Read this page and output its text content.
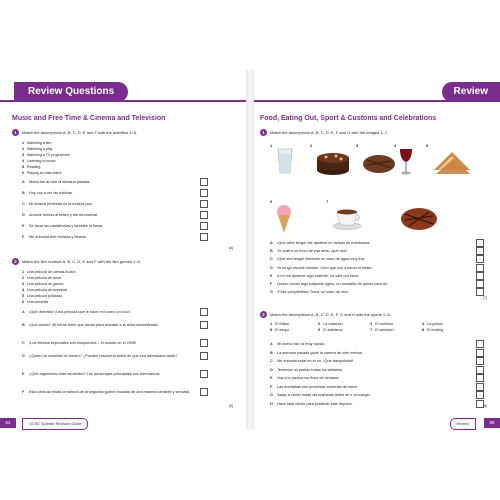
Review Questions
Music and Free Time & Cinema and Television
1	Match the descriptions A, B, C, D, E and F with the activities 1–6.
1 Watching a film
2 Watching a play
3 Watching a TV programme
4 Listening to music
5 Reading
6 Playing an instrument
A Marta fue al cine la semana pasada.
B Hoy voy a ver las noticias.
C Mi música preferida es la música pop.
D Anoche fuimos al teatro y fue fenomenal.
E Sé tocar las castañuelas y también la flauta.
F Me encanta leer revistas y tebeos.
[6]
2	Match the film reviews A, B, C, D, E and F with the film genres 1–6.
1 Una película de ciencia-ficción
2 Una película de amor
3 Una película de guerra
4 Una película de aventura
5 Una película policíaca
6 Una comedia
A ¡Qué divertido! ¡Una película que te hace reír como un loco!
B ¡Qué acción! ¡El héroe tiene que luchar para rescatar a la reina secuestrada!
C ¡Los efectos especiales son estupendos – el mundo en el 2099!
D ¿Quién ha cometido el crimen? ¿Pueden resolverlo antes de que sea demasiado tarde?
E ¿Qué argumento más romántico? Los personajes principales son buenísimos.
F Esta película relata la historia de la segunda guerra mundial de una manera sensible y sensata.
[6]
54	GCSE Spanish Revision Guide
Review
Food, Eating Out, Sport & Customs and Celebrations
1	Match the descriptions A, B, C, D, E, F and G with the images 1–7.
1	2	3	4	5
6	7
A ¡Qué calor tengo! Me apetece un helado de frambuesa.
B Yo quiero un trozo de esa tarta, ¡qué rica!
C ¡Qué sed tengo! Necesito un vaso de agua muy fría.
D Yo tengo mucha hambre. Creo que voy a tomar el bistec.
E A mí me apetece algo caliente, un café por favor.
F Quiero comer algo bastante ligero, un bocadillo de queso para mí.
G ¡Feliz cumpleaños! Toma, un vaso de vino.
[7]
2	Match the descriptions A, B, C, D, E, F, G and H with the sports 1–8.
1 El fútbol	2 La natación	3 El ciclismo	4 La pesca
5 El esquí	6 El atletismo	7 El windsurf	8 El footing
A Mi nuevo bici va muy rápido.
B La semana pasada gané la carrera de cien metros.
C Me encanta estar en el río. ¡Qué tranquilidad!
D Tenemos un partido todos los sábados.
E Voy a la piscina los fines de semana.
F Las montañas son preciosas cubiertas de nieve.
G Salgo a correr todas las mañanas antes de ir al colegio.
H Hace falta viento para practicar este deporte.
[8]
Review	55
